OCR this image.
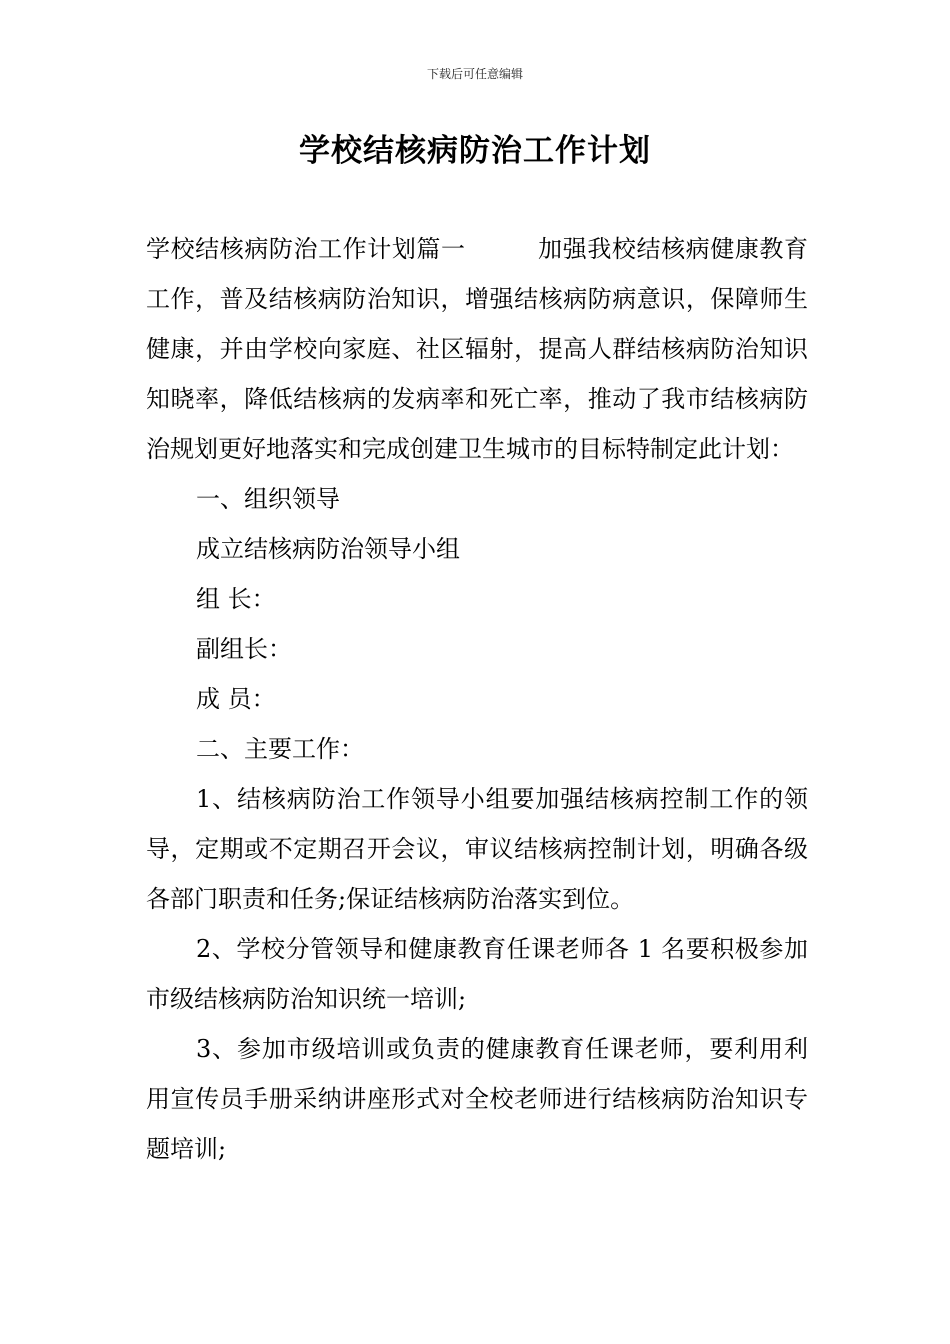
下载后可任意编辑
学校结核病防治工作计划

学校结核病防治工作计划篇一	加强我校结核病健康教育工作，普及结核病防治知识，增强结核病防病意识，保障师生健康，并由学校向家庭、社区辐射，提高人群结核病防治知识知晓率，降低结核病的发病率和死亡率，推动了我市结核病防治规划更好地落实和完成创建卫生城市的目标特制定此计划：

一、组织领导

成立结核病防治领导小组

组 长：

副组长：

成 员：

二、主要工作：

1、结核病防治工作领导小组要加强结核病控制工作的领导，定期或不定期召开会议，审议结核病控制计划，明确各级各部门职责和任务;保证结核病防治落实到位。

2、学校分管领导和健康教育任课老师各 1 名要积极参加市级结核病防治知识统一培训;

3、参加市级培训或负责的健康教育任课老师，要利用利用宣传员手册采纳讲座形式对全校老师进行结核病防治知识专题培训;
